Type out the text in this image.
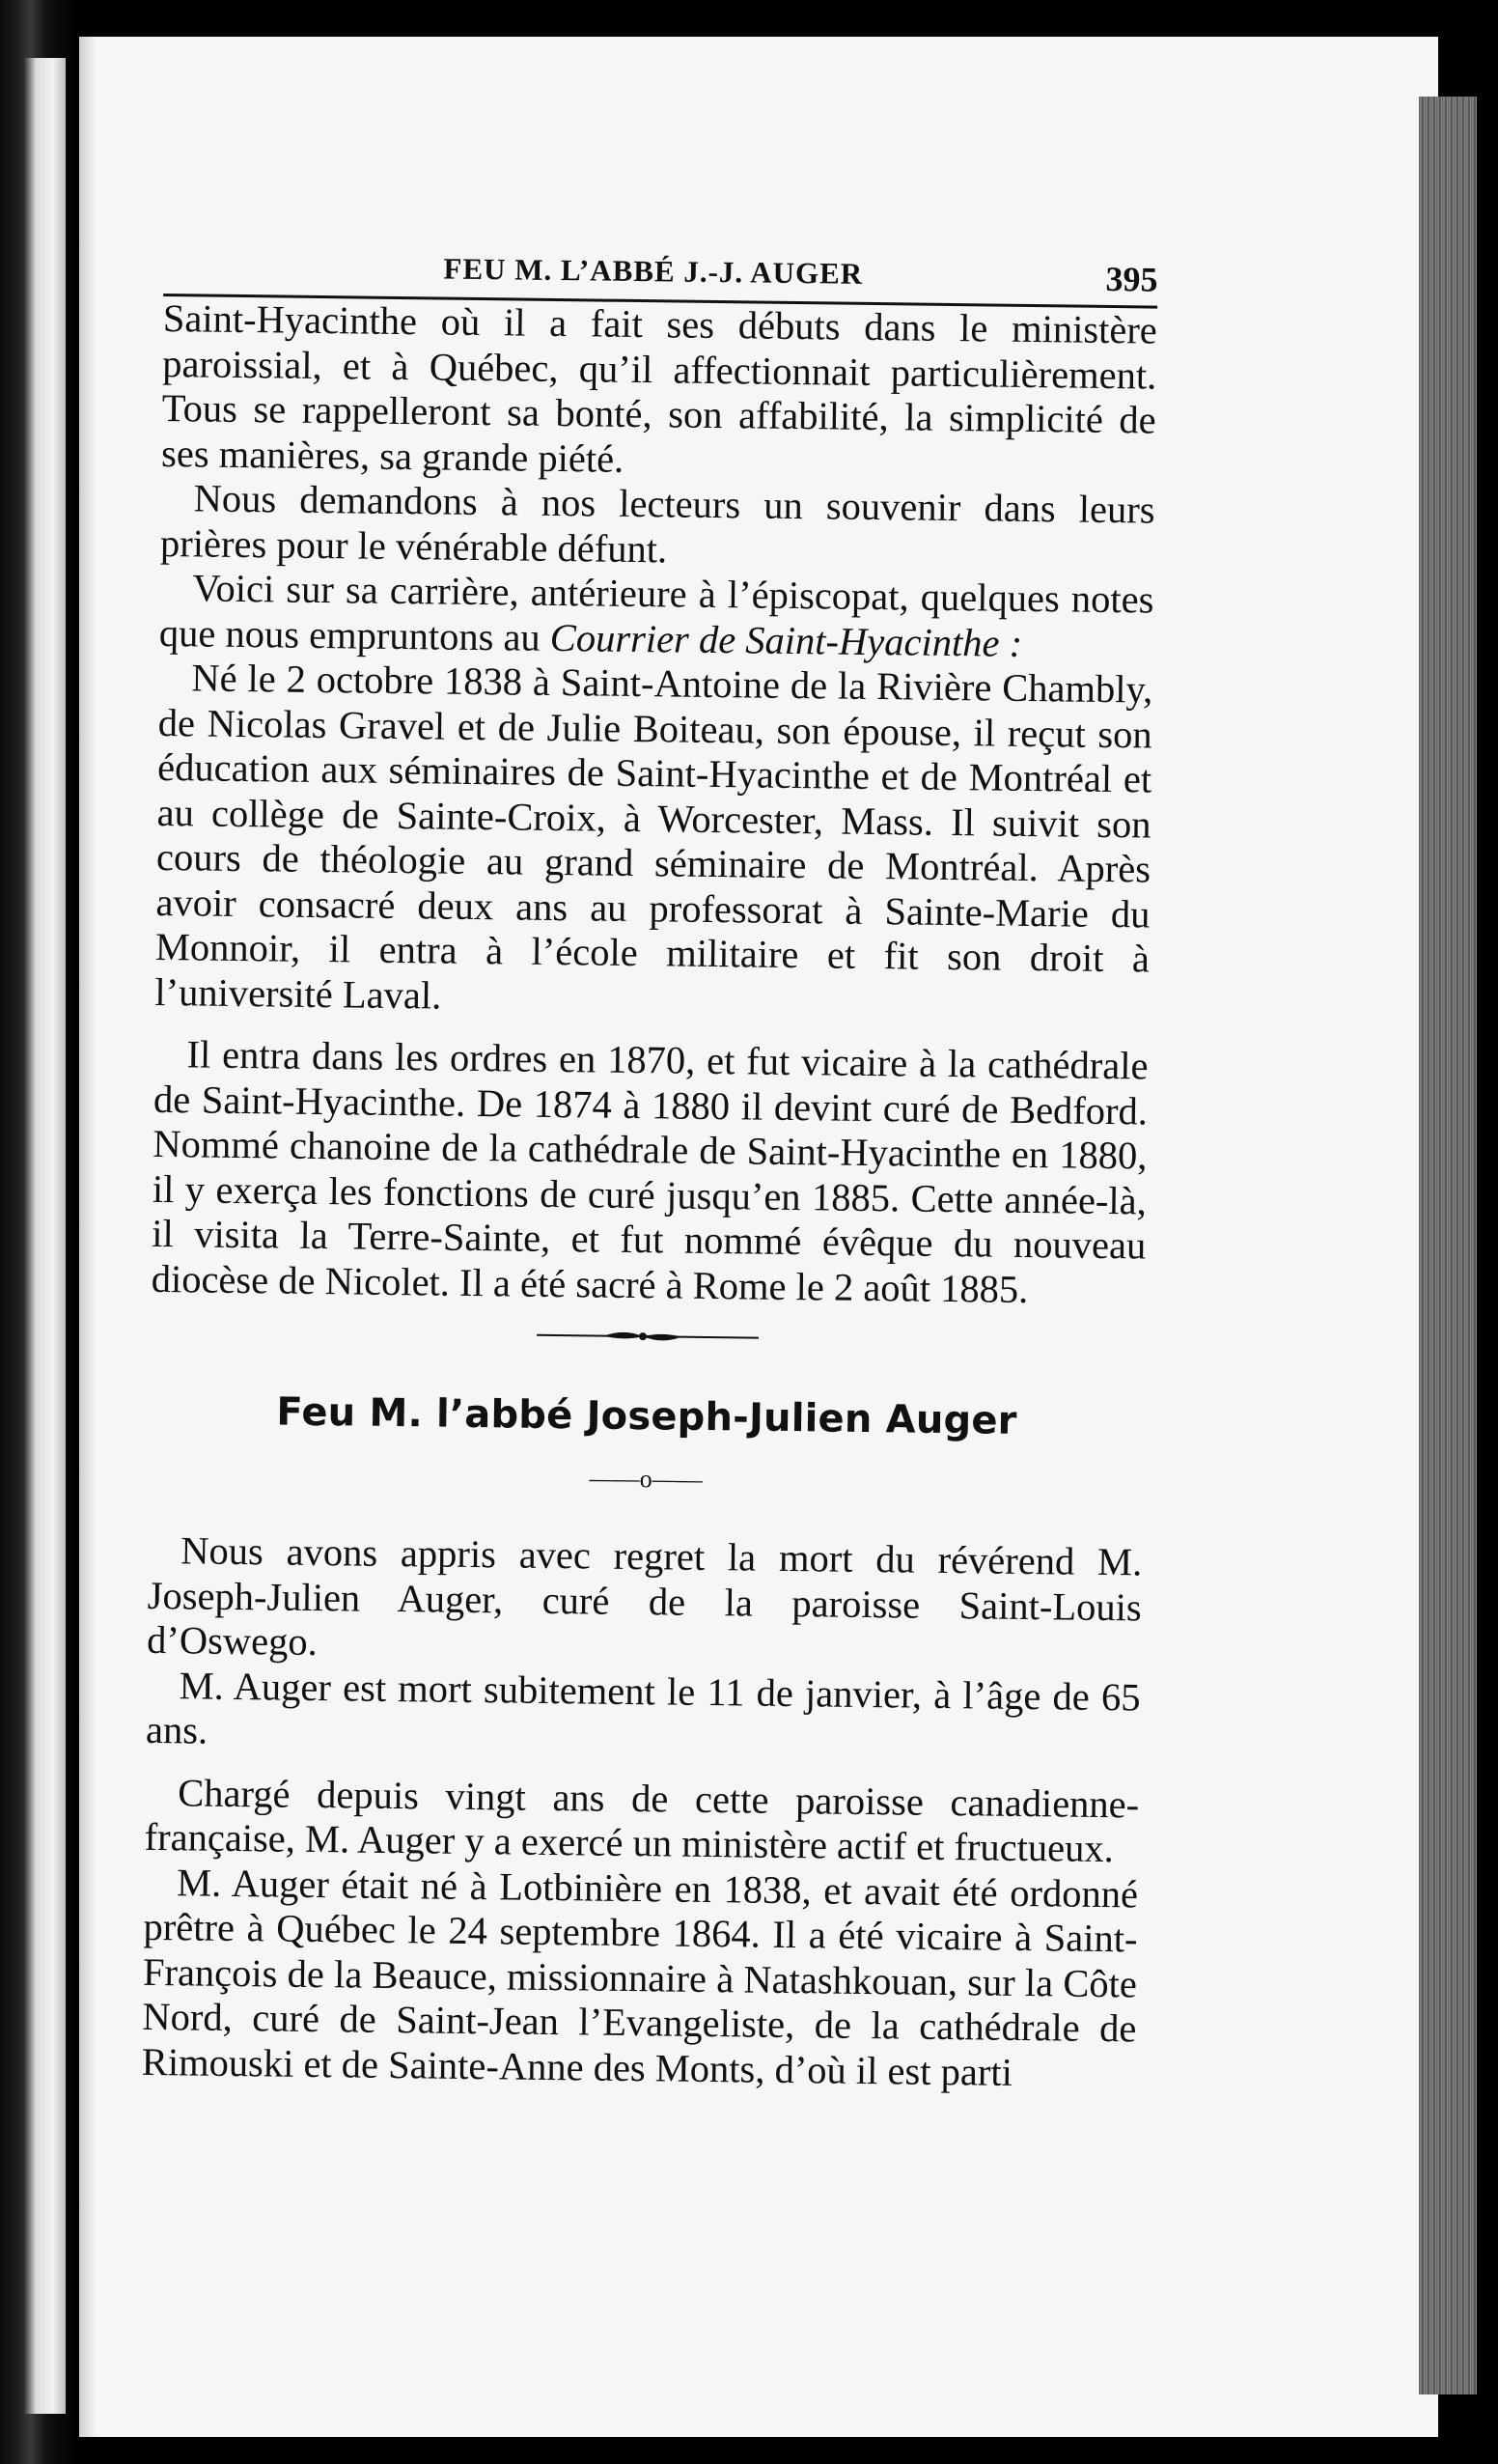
FEU M. L’ABBÉ J.-J. AUGER	395

Saint-Hyacinthe où il a fait ses débuts dans le ministère paroissial, et à Québec, qu’il affectionnait particulièrement. Tous se rappelleront sa bonté, son affabilité, la simplicité de ses manières, sa grande piété.

Nous demandons à nos lecteurs un souvenir dans leurs prières pour le vénérable défunt.

Voici sur sa carrière, antérieure à l’épiscopat, quelques notes que nous empruntons au Courrier de Saint-Hyacinthe :

Né le 2 octobre 1838 à Saint-Antoine de la Rivière Chambly, de Nicolas Gravel et de Julie Boiteau, son épouse, il reçut son éducation aux séminaires de Saint-Hyacinthe et de Montréal et au collège de Sainte-Croix, à Worcester, Mass. Il suivit son cours de théologie au grand séminaire de Montréal. Après avoir consacré deux ans au professorat à Sainte-Marie du Monnoir, il entra à l’école militaire et fit son droit à l’université Laval.

Il entra dans les ordres en 1870, et fut vicaire à la cathédrale de Saint-Hyacinthe. De 1874 à 1880 il devint curé de Bedford. Nommé chanoine de la cathédrale de Saint-Hyacinthe en 1880, il y exerça les fonctions de curé jusqu’en 1885. Cette année-là, il visita la Terre-Sainte, et fut nommé évêque du nouveau diocèse de Nicolet. Il a été sacré à Rome le 2 août 1885.

Feu M. l’abbé Joseph-Julien Auger
——o——

Nous avons appris avec regret la mort du révérend M. Joseph-Julien Auger, curé de la paroisse Saint-Louis d’Oswego.

M. Auger est mort subitement le 11 de janvier, à l’âge de 65 ans.

Chargé depuis vingt ans de cette paroisse canadienne-française, M. Auger y a exercé un ministère actif et fructueux.

M. Auger était né à Lotbinière en 1838, et avait été ordonné prêtre à Québec le 24 septembre 1864. Il a été vicaire à Saint-François de la Beauce, missionnaire à Natashkouan, sur la Côte Nord, curé de Saint-Jean l’Evangeliste, de la cathédrale de Rimouski et de Sainte-Anne des Monts, d’où il est parti
